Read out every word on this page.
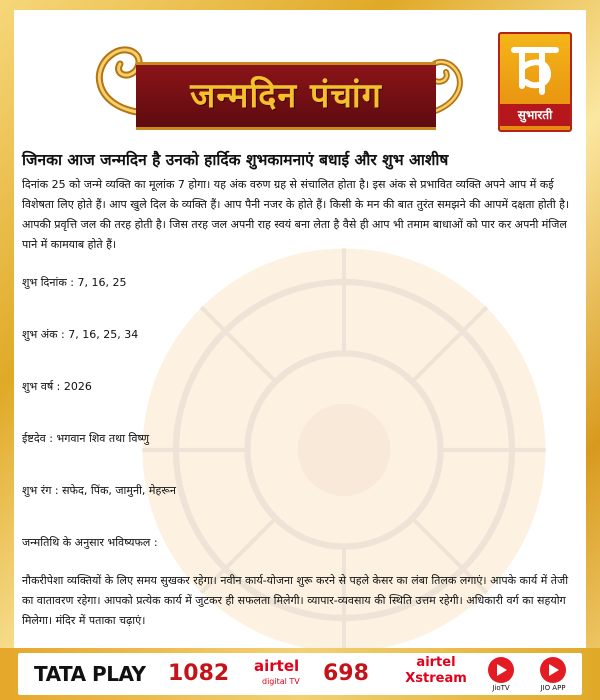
जन्मदिन पंचांग	सुभारती

जिनका आज जन्मदिन है उनको हार्दिक शुभकामनाएं बधाई और शुभ आशीष

दिनांक 25 को जन्मे व्यक्ति का मूलांक 7 होगा। यह अंक वरुण ग्रह से संचालित होता है। इस अंक से प्रभावित व्यक्ति अपने आप में कई विशेषता लिए होते हैं। आप खुले दिल के व्यक्ति हैं। आप पैनी नजर के होते हैं। किसी के मन की बात तुरंत समझने की आपमें दक्षता होती है। आपकी प्रवृत्ति जल की तरह होती है। जिस तरह जल अपनी राह स्वयं बना लेता है वैसे ही आप भी तमाम बाधाओं को पार कर अपनी मंजिल पाने में कामयाब होते हैं।

शुभ दिनांक : 7, 16, 25

शुभ अंक : 7, 16, 25, 34

शुभ वर्ष : 2026

ईष्टदेव : भगवान शिव तथा विष्णु

शुभ रंग : सफेद, पिंक, जामुनी, मेहरून

जन्मतिथि के अनुसार भविष्यफल :

नौकरीपेशा व्यक्तियों के लिए समय सुखकर रहेगा। नवीन कार्य-योजना शुरू करने से पहले केसर का लंबा तिलक लगाएं। आपके कार्य में तेजी का वातावरण रहेगा। आपको प्रत्येक कार्य में जुटकर ही सफलता मिलेगी। व्यापार-व्यवसाय की स्थिति उत्तम रहेगी। अधिकारी वर्ग का सहयोग मिलेगा। मंदिर में पताका चढ़ाएं।

TATA PLAY 1082 airtel
digital TV 698	airtel
Xstream
JioTV	JIO APP
